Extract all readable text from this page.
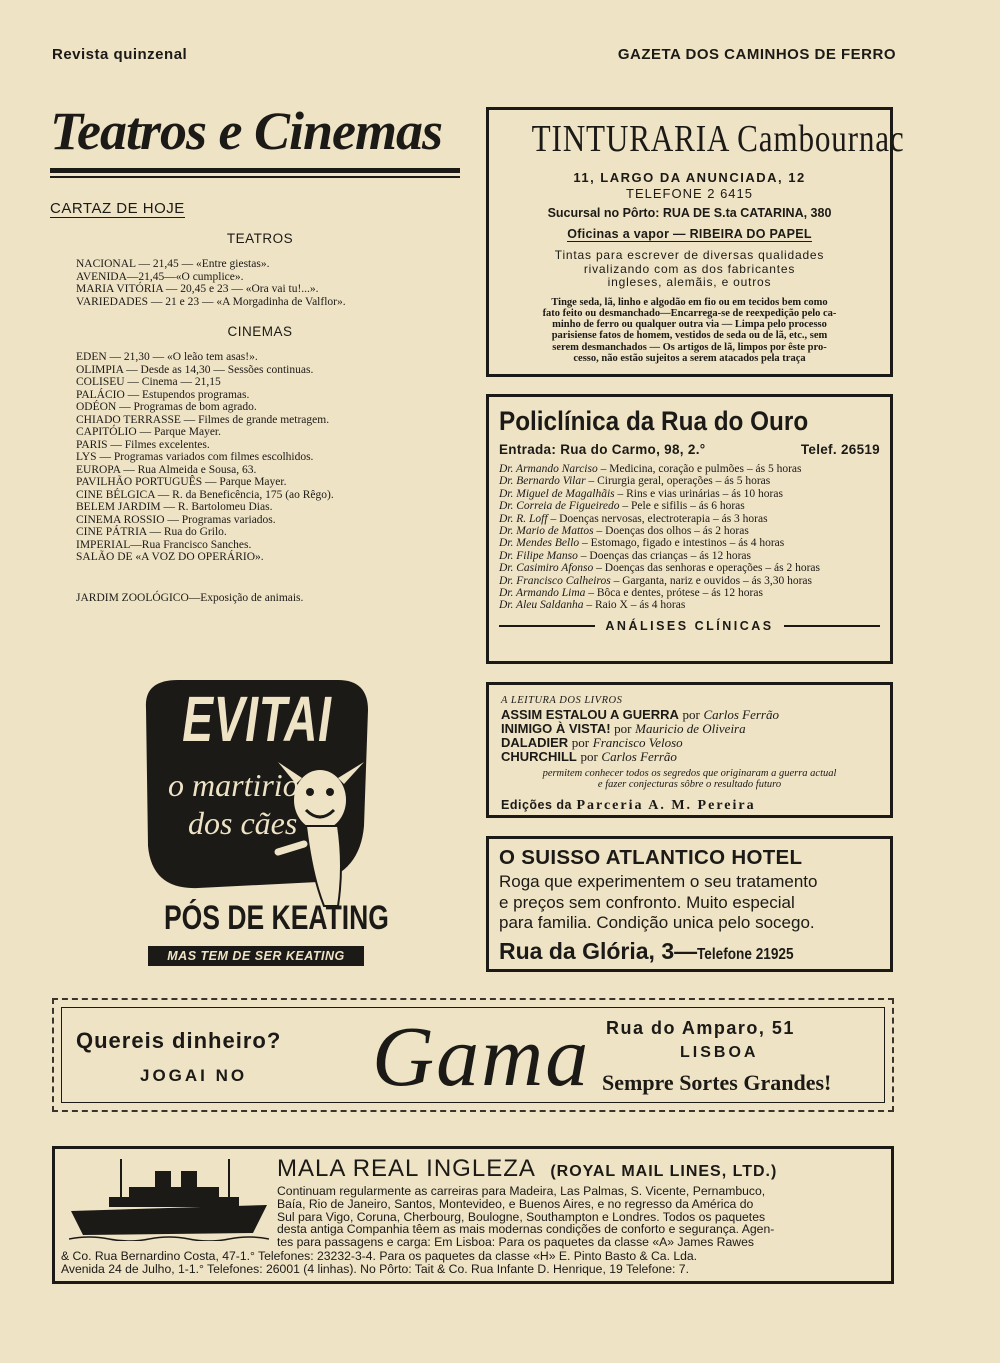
Revista quinzenal	GAZETA DOS CAMINHOS DE FERRO
Teatros e Cinemas
CARTAZ DE HOJE
TEATROS
NACIONAL — 21,45 — «Entre giestas».
AVENIDA—21,45—«O cumplice».
MARIA VITÓRIA — 20,45 e 23 — «Ora vai tu!...».
VARIEDADES — 21 e 23 — «A Morgadinha de Valflor».
CINEMAS
EDEN — 21,30 — «O leão tem asas!».
OLIMPIA — Desde as 14,30 — Sessões continuas.
COLISEU — Cinema — 21,15
PALÁCIO — Estupendos programas.
ODÉON — Programas de bom agrado.
CHIADO TERRASSE — Filmes de grande metragem.
CAPITÓLIO — Parque Mayer.
PARIS — Filmes excelentes.
LYS — Programas variados com filmes escolhidos.
EUROPA — Rua Almeida e Sousa, 63.
PAVILHÃO PORTUGUÊS — Parque Mayer.
CINE BÉLGICA — R. da Beneficência, 175 (ao Rêgo).
BELEM JARDIM — R. Bartolomeu Dias.
CINEMA ROSSIO — Programas variados.
CINE PÁTRIA — Rua do Grilo.
IMPERIAL—Rua Francisco Sanches.
SALÃO DE «A VOZ DO OPERÁRIO».
JARDIM ZOOLÓGICO—Exposição de animais.
TINTURARIA Cambournac
11, LARGO DA ANUNCIADA, 12
TELEFONE 2 6415
Sucursal no Pôrto: RUA DE S.ta CATARINA, 380
Oficinas a vapor — RIBEIRA DO PAPEL
Tintas para escrever de diversas qualidades
rivalizando com as dos fabricantes
ingleses, alemãis, e outros
Tinge seda, lã, linho e algodão em fio ou em tecidos bem como
fato feito ou desmanchado—Encarrega-se de reexpedição pelo ca-
minho de ferro ou qualquer outra via — Limpa pelo processo
parisiense fatos de homem, vestidos de seda ou de lã, etc., sem
serem desmanchados — Os artigos de lã, limpos por êste pro-
cesso, não estão sujeitos a serem atacados pela traça
Policlínica da Rua do Ouro
Entrada: Rua do Carmo, 98, 2.°	Telef. 26519
Dr. Armando Narciso – Medicina, coração e pulmões – ás 5 horas
Dr. Bernardo Vilar – Cirurgia geral, operações – ás 5 horas
Dr. Miguel de Magalhãis – Rins e vias urinárias – ás 10 horas
Dr. Correia de Figueiredo – Pele e sifilis – ás 6 horas
Dr. R. Loff – Doenças nervosas, electroterapia – ás 3 horas
Dr. Mario de Mattos – Doenças dos olhos – ás 2 horas
Dr. Mendes Bello – Estomago, figado e intestinos – ás 4 horas
Dr. Filipe Manso – Doenças das crianças – ás 12 horas
Dr. Casimiro Afonso – Doenças das senhoras e operações – ás 2 horas
Dr. Francisco Calheiros – Garganta, nariz e ouvidos – ás 3,30 horas
Dr. Armando Lima – Bôca e dentes, prótese – ás 12 horas
Dr. Aleu Saldanha – Raio X – ás 4 horas
ANÁLISES CLÍNICAS
A LEITURA DOS LIVROS
ASSIM ESTALOU A GUERRA por Carlos Ferrão
INIMIGO À VISTA! por Mauricio de Oliveira
DALADIER por Francisco Veloso
CHURCHILL por Carlos Ferrão
permitem conhecer todos os segredos que originaram a guerra actual
e fazer conjecturas sôbre o resultado futuro
Edições da Parceria A. M. Pereira
O SUISSO ATLANTICO HOTEL
Roga que experimentem o seu tratamento
e preços sem confronto. Muito especial
para familia. Condição unica pelo socego.
Rua da Glória, 3—Telefone 21925
EVITAI
o martirio
dos cães
PÓS DE KEATING
MAS TEM DE SER KEATING
Quereis dinheiro?
JOGAI NO Gama Rua do Amparo, 51
LISBOA
Sempre Sortes Grandes!
MALA REAL INGLEZA (ROYAL MAIL LINES, LTD.)

Continuam regularmente as carreiras para Madeira, Las Palmas, S. Vicente, Pernambuco,

Baía, Rio de Janeiro, Santos, Montevideo, e Buenos Aires, e no regresso da América do

Sul para Vigo, Coruna, Cherbourg, Boulogne, Southampton e Londres. Todos os paquetes

desta antiga Companhia têem as mais modernas condições de conforto e segurança. Agen-

tes para passagens e carga: Em Lisboa: Para os paquetes da classe «A» James Rawes

& Co. Rua Bernardino Costa, 47-1.° Telefones: 23232-3-4. Para os paquetes da classe «H» E. Pinto Basto & Ca. Lda.

Avenida 24 de Julho, 1-1.° Telefones: 26001 (4 linhas). No Pôrto: Tait & Co. Rua Infante D. Henrique, 19 Telefone: 7.
